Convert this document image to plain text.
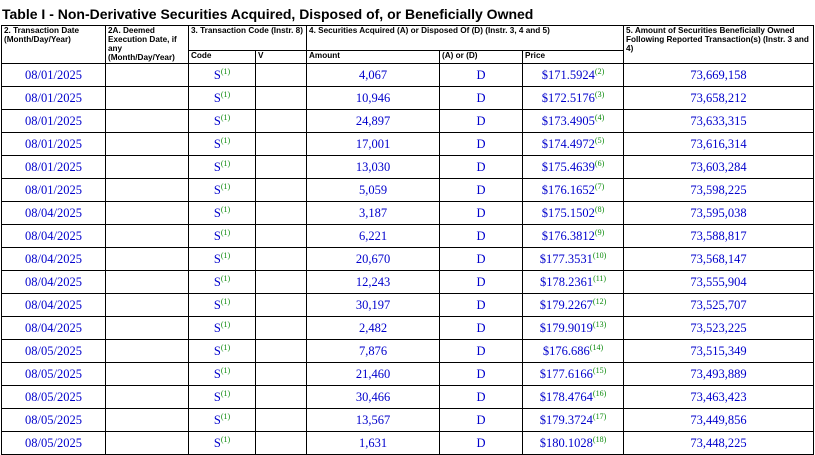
Table I - Non-Derivative Securities Acquired, Disposed of, or Beneficially Owned
2. Transaction Date (Month/Day/Year)	2A. Deemed Execution Date, if any (Month/Day/Year)	3. Transaction Code (Instr. 8)		4. Securities Acquired (A) or Disposed Of (D) (Instr. 3, 4 and 5)			5. Amount of Securities Beneficially Owned Following Reported Transaction(s) (Instr. 3 and 4)
		Code	V	Amount	(A) or (D)	Price	
08/01/2025		$S^{(1)}$		4,067	D	$171.5924$^{(2)}$	73,669,158
08/01/2025		$S^{(1)}$		10,946	D	$172.5176$^{(3)}$	73,658,212
08/01/2025		$S^{(1)}$		24,897	D	$173.4905$^{(4)}$	73,633,315
08/01/2025		$S^{(1)}$		17,001	D	$174.4972$^{(5)}$	73,616,314
08/01/2025		$S^{(1)}$		13,030	D	$175.4639$^{(6)}$	73,603,284
08/01/2025		$S^{(1)}$		5,059	D	$176.1652$^{(7)}$	73,598,225
08/04/2025		$S^{(1)}$		3,187	D	$175.1502$^{(8)}$	73,595,038
08/04/2025		$S^{(1)}$		6,221	D	$176.3812$^{(9)}$	73,588,817
08/04/2025		$S^{(1)}$		20,670	D	$177.3531$^{(10)}$	73,568,147
08/04/2025		$S^{(1)}$		12,243	D	$178.2361$^{(11)}$	73,555,904
08/04/2025		$S^{(1)}$		30,197	D	$179.2267$^{(12)}$	73,525,707
08/04/2025		$S^{(1)}$		2,482	D	$179.9019$^{(13)}$	73,523,225
08/05/2025		$S^{(1)}$		7,876	D	$176.686$^{(14)}$	73,515,349
08/05/2025		$S^{(1)}$		21,460	D	$177.6166$^{(15)}$	73,493,889
08/05/2025		$S^{(1)}$		30,466	D	$178.4764$^{(16)}$	73,463,423
08/05/2025		$S^{(1)}$		13,567	D	$179.3724$^{(17)}$	73,449,856
08/05/2025		$S^{(1)}$		1,631	D	$180.1028$^{(18)}$	73,448,225
